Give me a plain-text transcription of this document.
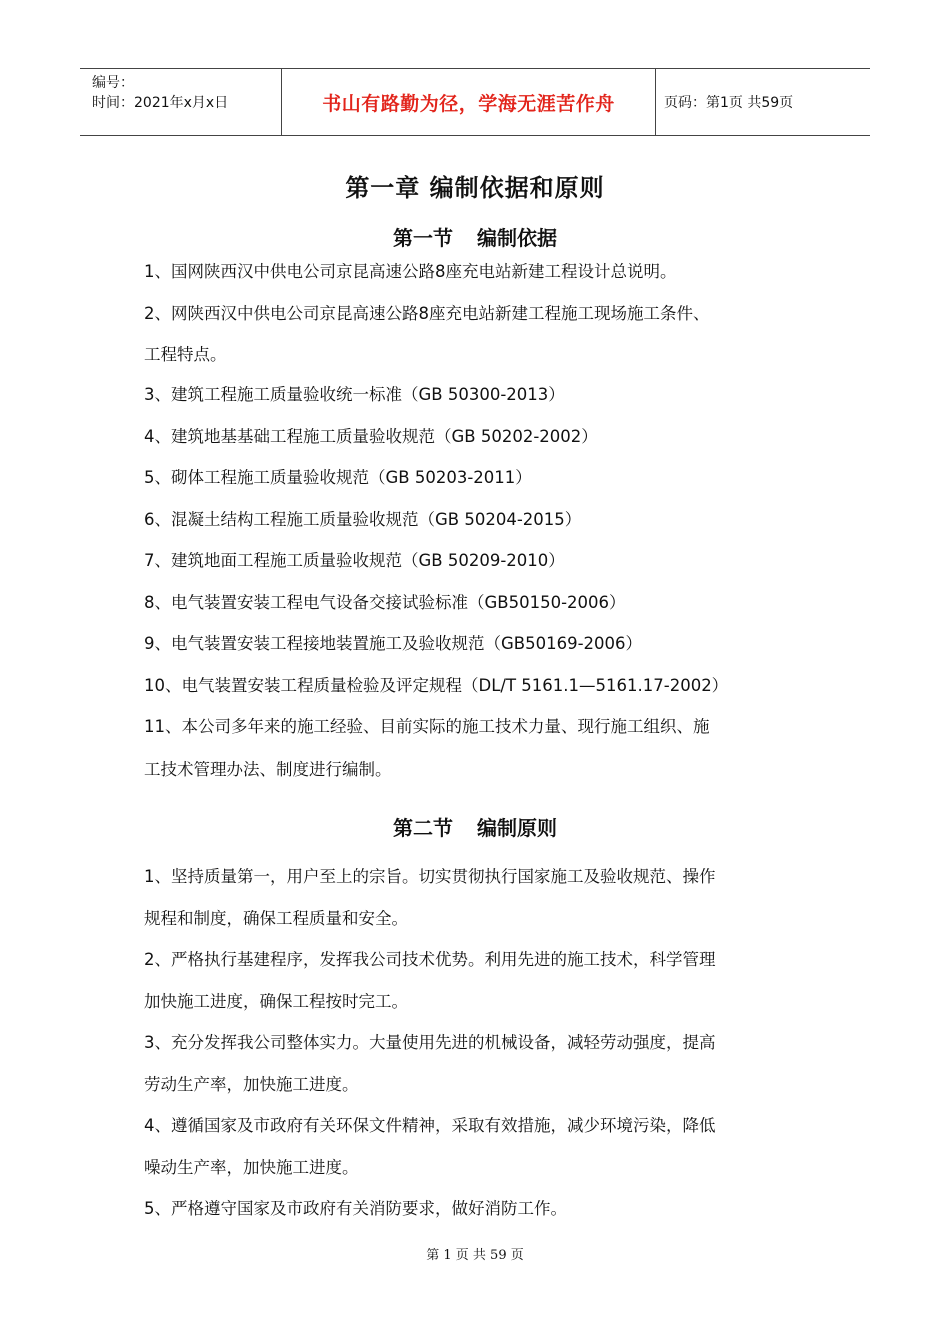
编号：
时间：2021年x月x日	书山有路勤为径，学海无涯苦作舟	页码：第1页 共59页
第一章 编制依据和原则
第一节 编制依据
1、国网陕西汉中供电公司京昆高速公路8座充电站新建工程设计总说明。
2、网陕西汉中供电公司京昆高速公路8座充电站新建工程施工现场施工条件、
工程特点。
3、建筑工程施工质量验收统一标准（GB 50300-2013）
4、建筑地基基础工程施工质量验收规范（GB 50202-2002）
5、砌体工程施工质量验收规范（GB 50203-2011）
6、混凝土结构工程施工质量验收规范（GB 50204-2015）
7、建筑地面工程施工质量验收规范（GB 50209-2010）
8、电气装置安装工程电气设备交接试验标准（GB50150-2006）
9、电气装置安装工程接地装置施工及验收规范（GB50169-2006）
10、电气装置安装工程质量检验及评定规程（DL/T 5161.1—5161.17-2002）
11、本公司多年来的施工经验、目前实际的施工技术力量、现行施工组织、施
工技术管理办法、制度进行编制。
第二节 编制原则
1、坚持质量第一，用户至上的宗旨。切实贯彻执行国家施工及验收规范、操作
规程和制度，确保工程质量和安全。
2、严格执行基建程序，发挥我公司技术优势。利用先进的施工技术，科学管理
加快施工进度，确保工程按时完工。
3、充分发挥我公司整体实力。大量使用先进的机械设备，减轻劳动强度，提高
劳动生产率，加快施工进度。
4、遵循国家及市政府有关环保文件精神，采取有效措施，减少环境污染，降低
噪动生产率，加快施工进度。
5、严格遵守国家及市政府有关消防要求，做好消防工作。
第 1 页 共 59 页
